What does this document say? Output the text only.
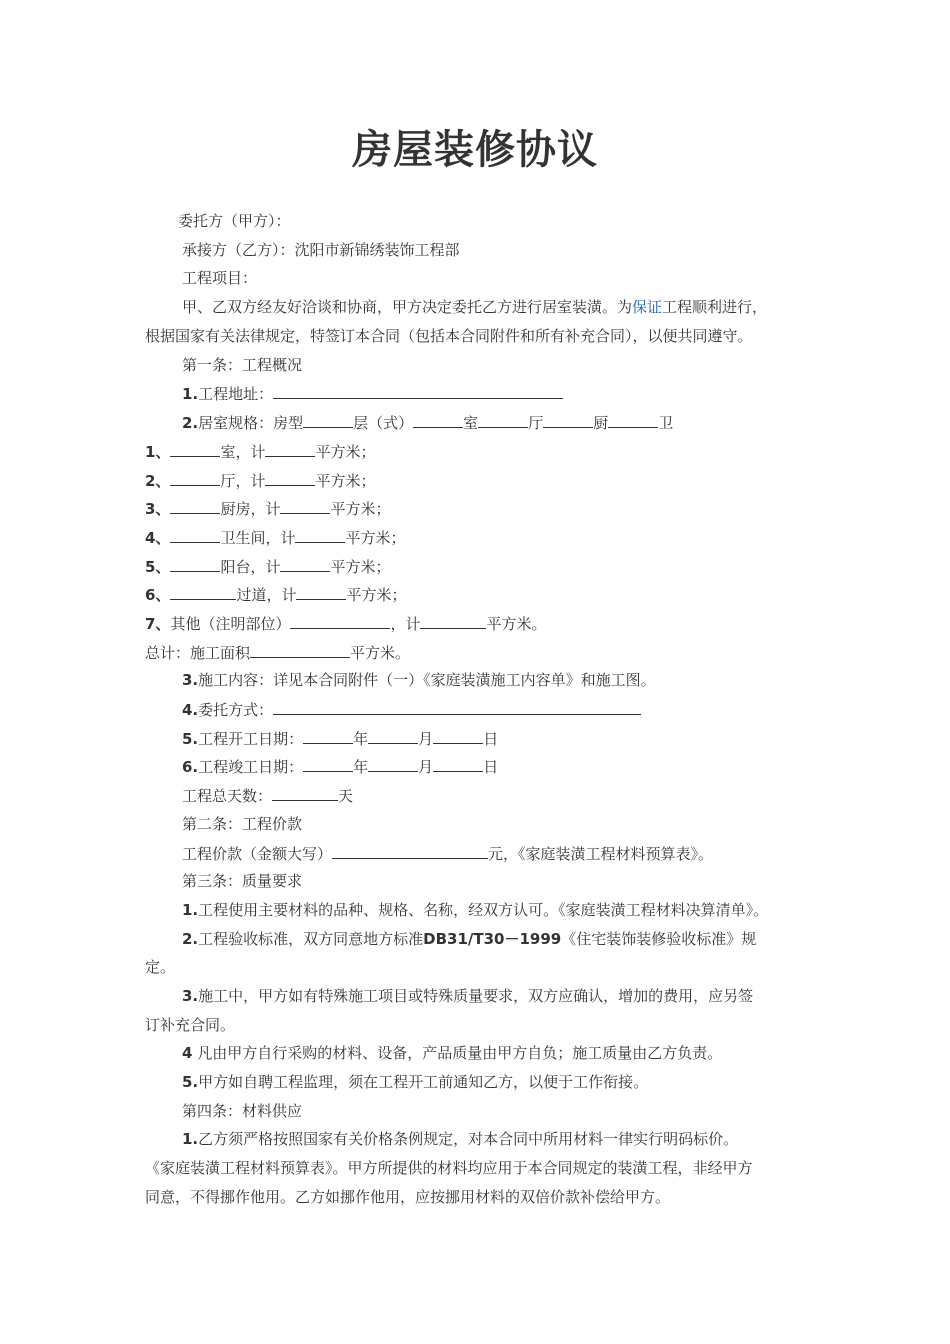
房屋装修协议
委托方（甲方）：
承接方（乙方）：沈阳市新锦绣装饰工程部
工程项目：
甲、乙双方经友好洽谈和协商，甲方决定委托乙方进行居室装潢。为保证工程顺利进行，
根据国家有关法律规定，特签订本合同（包括本合同附件和所有补充合同），以便共同遵守。
第一条：工程概况
1.工程地址：
2.居室规格：房型	层（式）	室	厅	厨	卫
1、	室，计	平方米；
2、	厅，计	平方米；
3、	厨房，计	平方米；
4、	卫生间，计	平方米；
5、	阳台，计	平方米；
6、	过道，计	平方米；
7、其他（注明部位）	，计	平方米。
总计：施工面积	平方米。
3.施工内容：详见本合同附件（一）《家庭装潢施工内容单》和施工图。
4.委托方式：
5.工程开工日期：	年	月	日
6.工程竣工日期：	年	月	日
工程总天数：	天
第二条：工程价款
工程价款（金额大写）	元，《家庭装潢工程材料预算表》。
第三条：质量要求
1.工程使用主要材料的品种、规格、名称，经双方认可。《家庭装潢工程材料决算清单》。
2.工程验收标准，双方同意地方标准DB31/T30－1999《住宅装饰装修验收标准》规
定。
3.施工中，甲方如有特殊施工项目或特殊质量要求，双方应确认，增加的费用，应另签
订补充合同。
4 凡由甲方自行采购的材料、设备，产品质量由甲方自负；施工质量由乙方负责。
5.甲方如自聘工程监理，须在工程开工前通知乙方，以便于工作衔接。
第四条：材料供应
1.乙方须严格按照国家有关价格条例规定，对本合同中所用材料一律实行明码标价。
《家庭装潢工程材料预算表》。甲方所提供的材料均应用于本合同规定的装潢工程，非经甲方
同意，不得挪作他用。乙方如挪作他用，应按挪用材料的双倍价款补偿给甲方。
